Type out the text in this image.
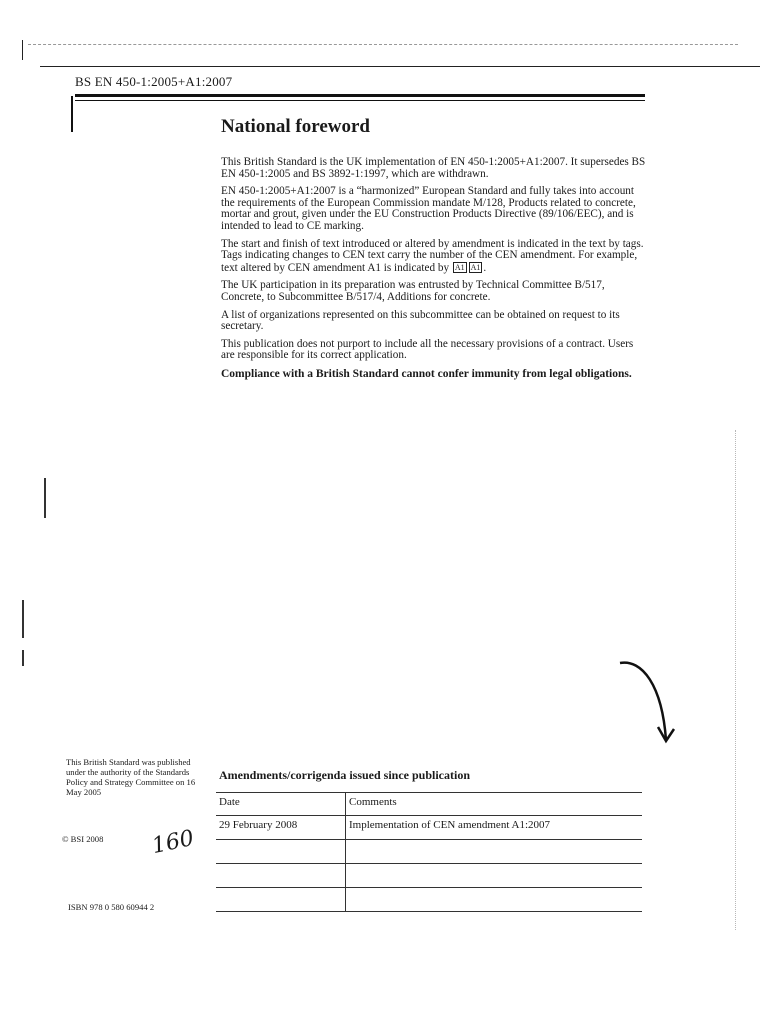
BS EN 450-1:2005+A1:2007
National foreword

This British Standard is the UK implementation of EN 450-1:2005+A1:2007. It supersedes BS EN 450-1:2005 and BS 3892-1:1997, which are withdrawn.

EN 450-1:2005+A1:2007 is a “harmonized” European Standard and fully takes into account the requirements of the European Commission mandate M/128, Products related to concrete, mortar and grout, given under the EU Construction Products Directive (89/106/EEC), and is intended to lead to CE marking.

The start and finish of text introduced or altered by amendment is indicated in the text by tags. Tags indicating changes to CEN text carry the number of the CEN amendment. For example, text altered by CEN amendment A1 is indicated by A1 A1 .

The UK participation in its preparation was entrusted by Technical Committee B/517, Concrete, to Subcommittee B/517/4, Additions for concrete.

A list of organizations represented on this subcommittee can be obtained on request to its secretary.

This publication does not purport to include all the necessary provisions of a contract. Users are responsible for its correct application.

Compliance with a British Standard cannot confer immunity from legal obligations.

This British Standard was published under the authority of the Standards Policy and Strategy Committee on 16 May 2005
© BSI 2008 160
ISBN 978 0 580 60944 2
Amendments/corrigenda issued since publication
Date	Comments
29 February 2008	Implementation of CEN amendment A1:2007
